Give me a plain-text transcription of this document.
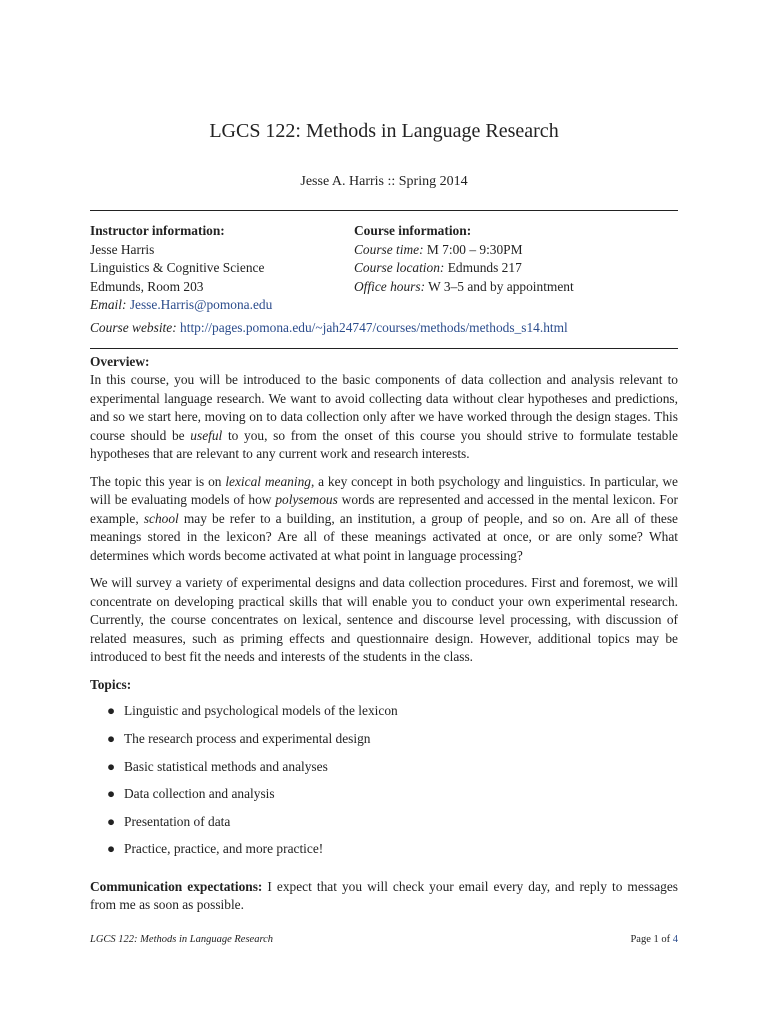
LGCS 122: Methods in Language Research
Jesse A. Harris :: Spring 2014
Instructor information:
Jesse Harris
Linguistics & Cognitive Science
Edmunds, Room 203
Email: Jesse.Harris@pomona.edu
Course information:
Course time: M 7:00 – 9:30PM
Course location: Edmunds 217
Office hours: W 3–5 and by appointment
Course website: http://pages.pomona.edu/~jah24747/courses/methods/methods_s14.html
Overview:

In this course, you will be introduced to the basic components of data collection and analysis relevant to experimental language research. We want to avoid collecting data without clear hypotheses and predictions, and so we start here, moving on to data collection only after we have worked through the design stages. This course should be useful to you, so from the onset of this course you should strive to formulate testable hypotheses that are relevant to any current work and research interests.

The topic this year is on lexical meaning, a key concept in both psychology and linguistics. In particular, we will be evaluating models of how polysemous words are represented and accessed in the mental lexicon. For example, school may be refer to a building, an institution, a group of people, and so on. Are all of these meanings stored in the lexicon? Are all of these meanings activated at once, or are only some? What determines which words become activated at what point in language processing?

We will survey a variety of experimental designs and data collection procedures. First and foremost, we will concentrate on developing practical skills that will enable you to conduct your own experimental research. Currently, the course concentrates on lexical, sentence and discourse level processing, with discussion of related measures, such as priming effects and questionnaire design. However, additional topics may be introduced to best fit the needs and interests of the students in the class.

Topics:
● Linguistic and psychological models of the lexicon
● The research process and experimental design
● Basic statistical methods and analyses
● Data collection and analysis
● Presentation of data
● Practice, practice, and more practice!

Communication expectations: I expect that you will check your email every day, and reply to messages from me as soon as possible.

LGCS 122: Methods in Language Research	Page 1 of 4
